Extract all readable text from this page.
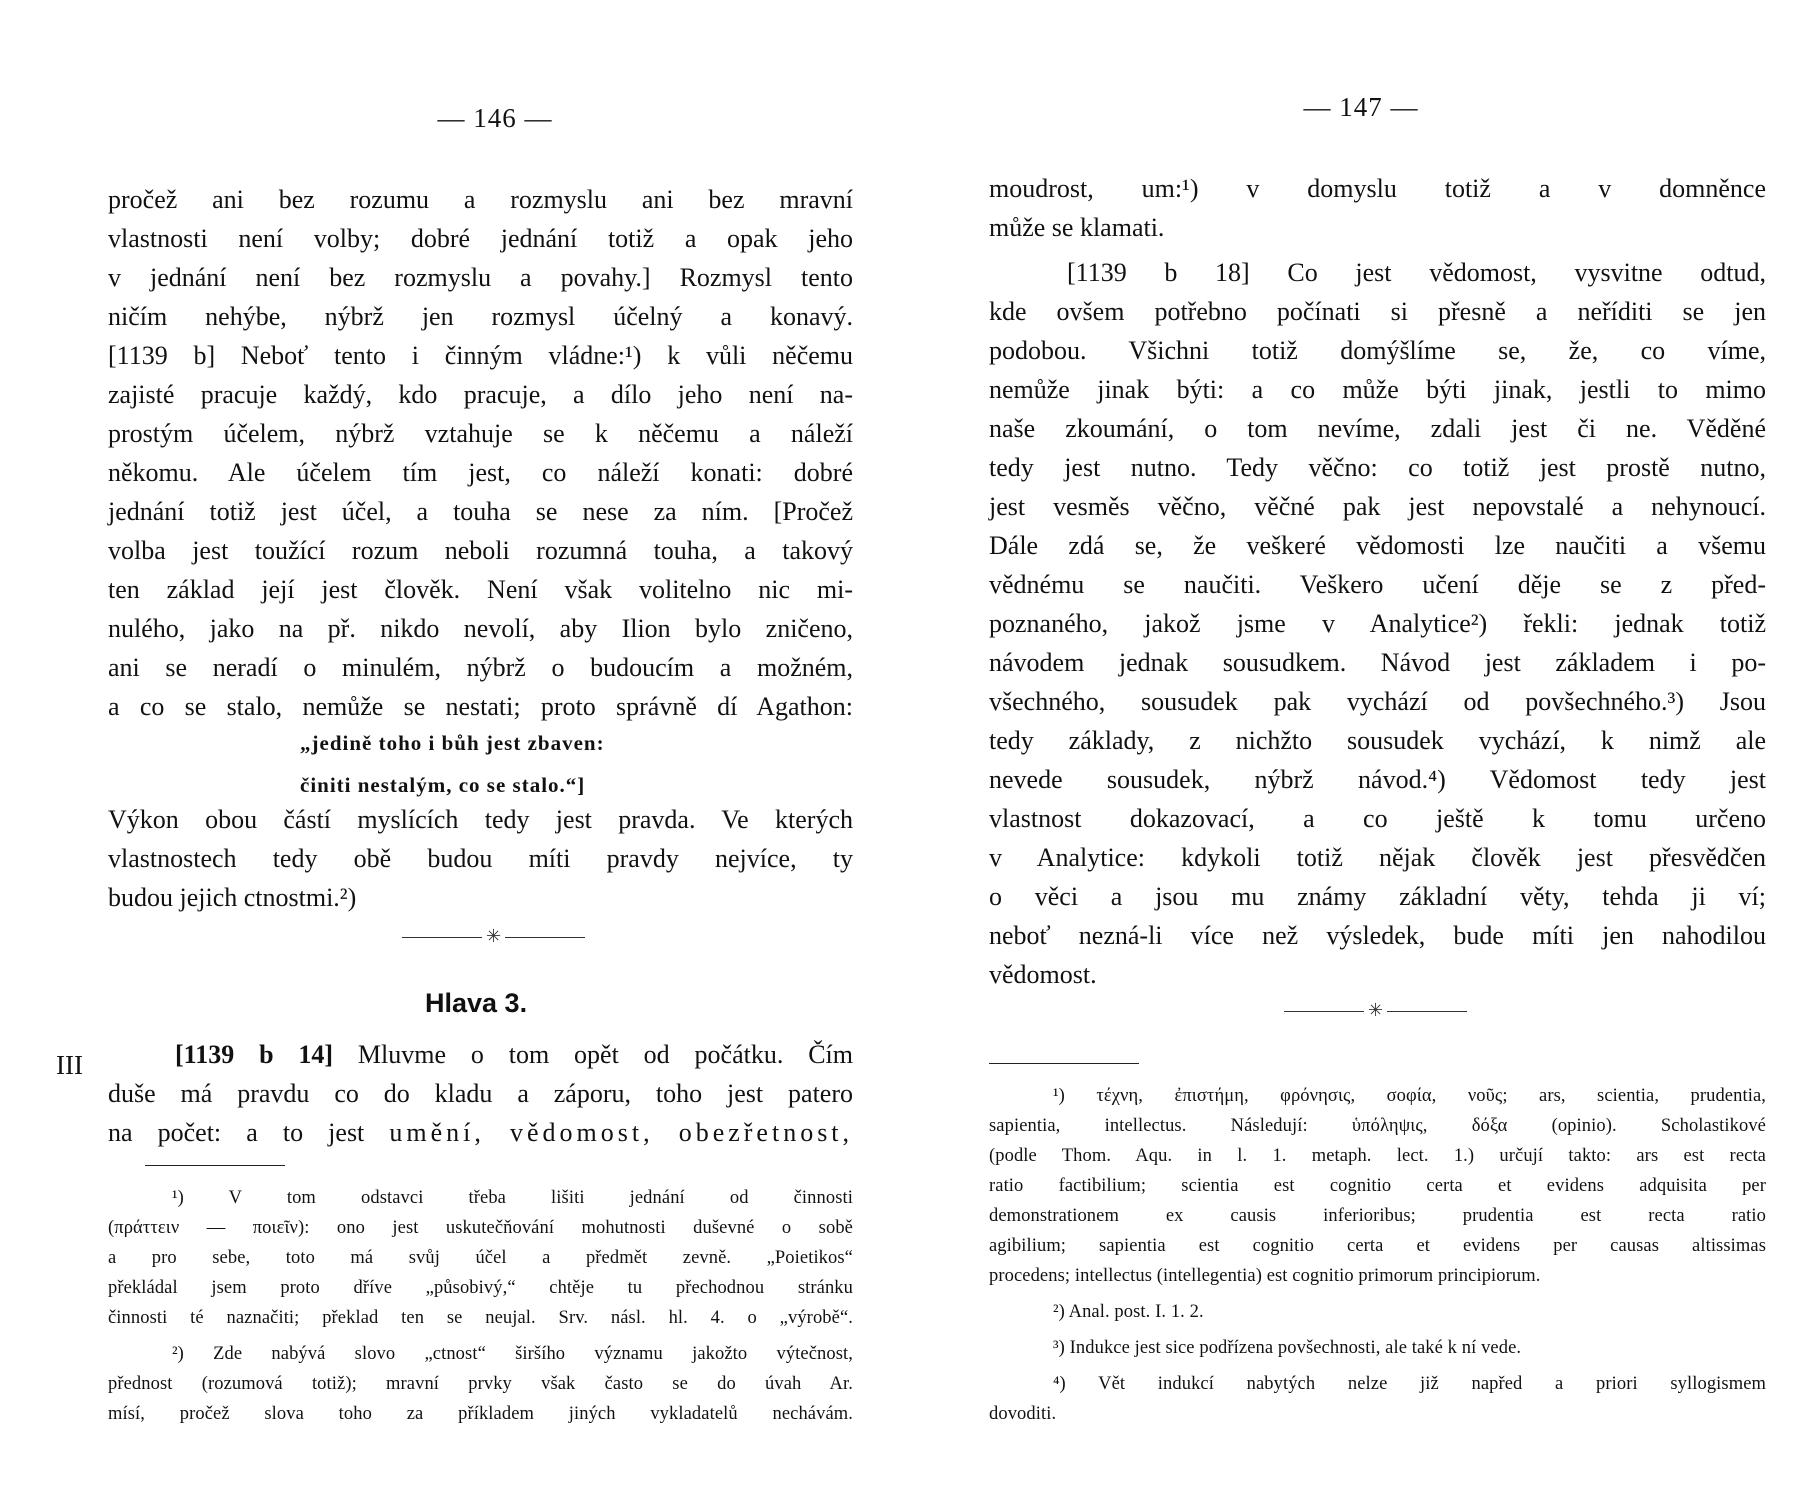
— 146 —
pročež ani bez rozumu a rozmyslu ani bez mravní
vlastnosti není volby; dobré jednání totiž a opak jeho
v jednání není bez rozmyslu a povahy.] Rozmysl tento
ničím nehýbe, nýbrž jen rozmysl účelný a konavý.
[1139 b] Neboť tento i činným vládne:¹) k vůli něčemu
zajisté pracuje každý, kdo pracuje, a dílo jeho není na-
prostým účelem, nýbrž vztahuje se k něčemu a náleží
někomu. Ale účelem tím jest, co náleží konati: dobré
jednání totiž jest účel, a touha se nese za ním. [Pročež
volba jest toužící rozum neboli rozumná touha, a takový
ten základ její jest člověk. Není však volitelno nic mi-
nulého, jako na př. nikdo nevolí, aby Ilion bylo zničeno,
ani se neradí o minulém, nýbrž o budoucím a možném,
a co se stalo, nemůže se nestati; proto správně dí Agathon:
„jedině toho i bůh jest zbaven:
činiti nestalým, co se stalo.“]
Výkon obou částí myslících tedy jest pravda. Ve kterých
vlastnostech tedy obě budou míti pravdy nejvíce, ty
budou jejich ctnostmi.²)
✳
Hlava 3.
III	[1139 b 14] Mluvme o tom opět od počátku. Čím
duše má pravdu co do kladu a záporu, toho jest patero
na počet: a to jest umění, vědomost, obezřetnost,
¹) V tom odstavci třeba lišiti jednání od činnosti
(πράττειν — ποιεῖν): ono jest uskutečňování mohutnosti duševné o sobě
a pro sebe, toto má svůj účel a předmět zevně. „Poietikos“
překládal jsem proto dříve „působivý,“ chtěje tu přechodnou stránku
činnosti té naznačiti; překlad ten se neujal. Srv. násl. hl. 4. o „výrobě“.
²) Zde nabývá slovo „ctnost“ širšího významu jakožto výtečnost,
přednost (rozumová totiž); mravní prvky však často se do úvah Ar.
mísí, pročež slova toho za příkladem jiných vykladatelů nechávám.
— 147 —
moudrost, um:¹) v domyslu totiž a v domněnce
může se klamati.
[1139 b 18] Co jest vědomost, vysvitne odtud,
kde ovšem potřebno počínati si přesně a neříditi se jen
podobou. Všichni totiž domýšlíme se, že, co víme,
nemůže jinak býti: a co může býti jinak, jestli to mimo
naše zkoumání, o tom nevíme, zdali jest či ne. Věděné
tedy jest nutno. Tedy věčno: co totiž jest prostě nutno,
jest vesměs věčno, věčné pak jest nepovstalé a nehynoucí.
Dále zdá se, že veškeré vědomosti lze naučiti a všemu
vědnému se naučiti. Veškero učení děje se z před-
poznaného, jakož jsme v Analytice²) řekli: jednak totiž
návodem jednak sousudkem. Návod jest základem i po-
všechného, sousudek pak vychází od povšechného.³) Jsou
tedy základy, z nichžto sousudek vychází, k nimž ale
nevede sousudek, nýbrž návod.⁴) Vědomost tedy jest
vlastnost dokazovací, a co ještě k tomu určeno
v Analytice: kdykoli totiž nějak člověk jest přesvědčen
o věci a jsou mu známy základní věty, tehda ji ví;
neboť nezná-li více než výsledek, bude míti jen nahodilou
vědomost.
✳
¹) τέχνη, ἐπιστήμη, φρόνησις, σοφία, νοῦς; ars, scientia, prudentia,
sapientia, intellectus. Následují: ὑπόληψις, δόξα (opinio). Scholastikové
(podle Thom. Aqu. in l. 1. metaph. lect. 1.) určují takto: ars est recta
ratio factibilium; scientia est cognitio certa et evidens adquisita per
demonstrationem ex causis inferioribus; prudentia est recta ratio
agibilium; sapientia est cognitio certa et evidens per causas altissimas
procedens; intellectus (intellegentia) est cognitio primorum principiorum.
²) Anal. post. I. 1. 2.
³) Indukce jest sice podřízena povšechnosti, ale také k ní vede.
⁴) Vět indukcí nabytých nelze již napřed a priori syllogismem
dovoditi.
